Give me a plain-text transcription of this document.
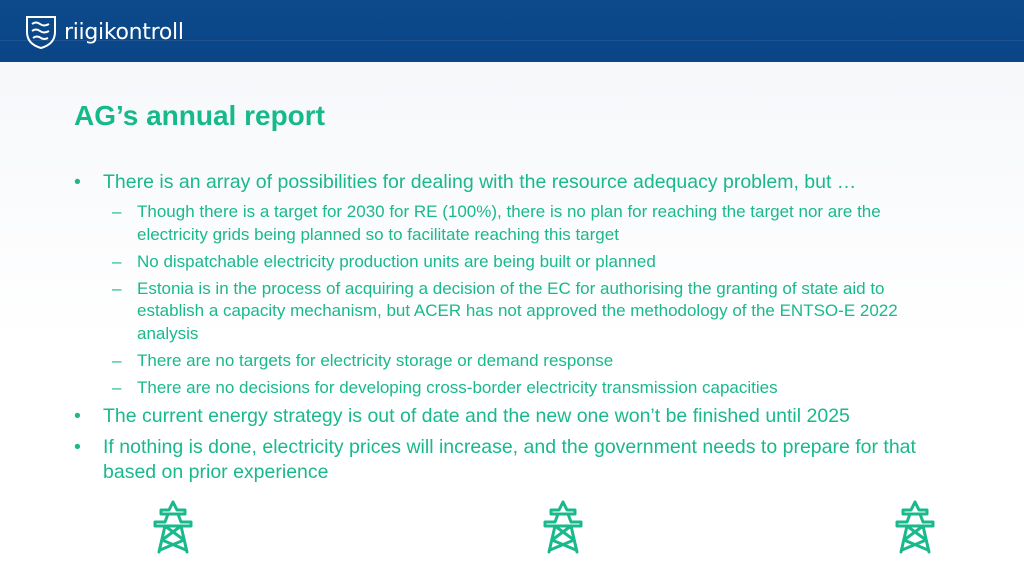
riigikontroll
AG’s annual report
• There is an array of possibilities for dealing with the resource adequacy problem, but …
– Though there is a target for 2030 for RE (100%), there is no plan for reaching the target nor are the electricity grids being planned so to facilitate reaching this target
– No dispatchable electricity production units are being built or planned
– Estonia is in the process of acquiring a decision of the EC for authorising the granting of state aid to establish a capacity mechanism, but ACER has not approved the methodology of the ENTSO-E 2022 analysis
– There are no targets for electricity storage or demand response
– There are no decisions for developing cross-border electricity transmission capacities
• The current energy strategy is out of date and the new one won’t be finished until 2025
• If nothing is done, electricity prices will increase, and the government needs to prepare for that based on prior experience
